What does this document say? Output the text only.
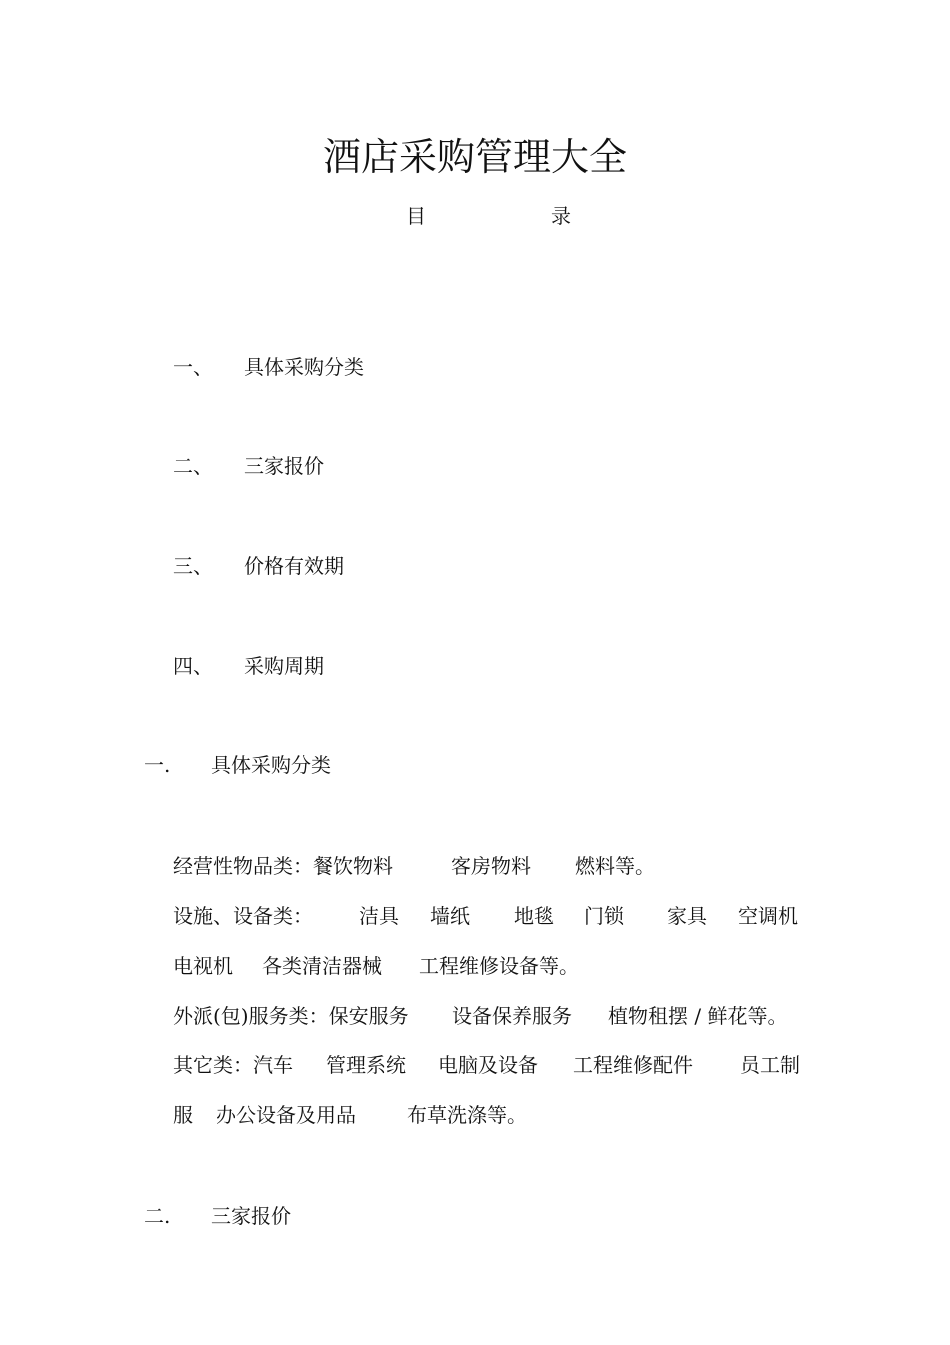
酒店采购管理大全
目	录
一、 具体采购分类
二、 三家报价
三、 价格有效期
四、 采购周期
一. 具体采购分类
经营性物品类：餐饮物料	客房物料 燃料等。
设施、设备类： 洁具 墙纸 地毯 门锁 家具 空调机
电视机 各类清洁器械 工程维修设备等。
外派(包)服务类：保安服务 设备保养服务 植物租摆 / 鲜花等。
其它类：汽车 管理系统 电脑及设备 工程维修配件 员工制
服 办公设备及用品	布草洗涤等。
二. 三家报价
